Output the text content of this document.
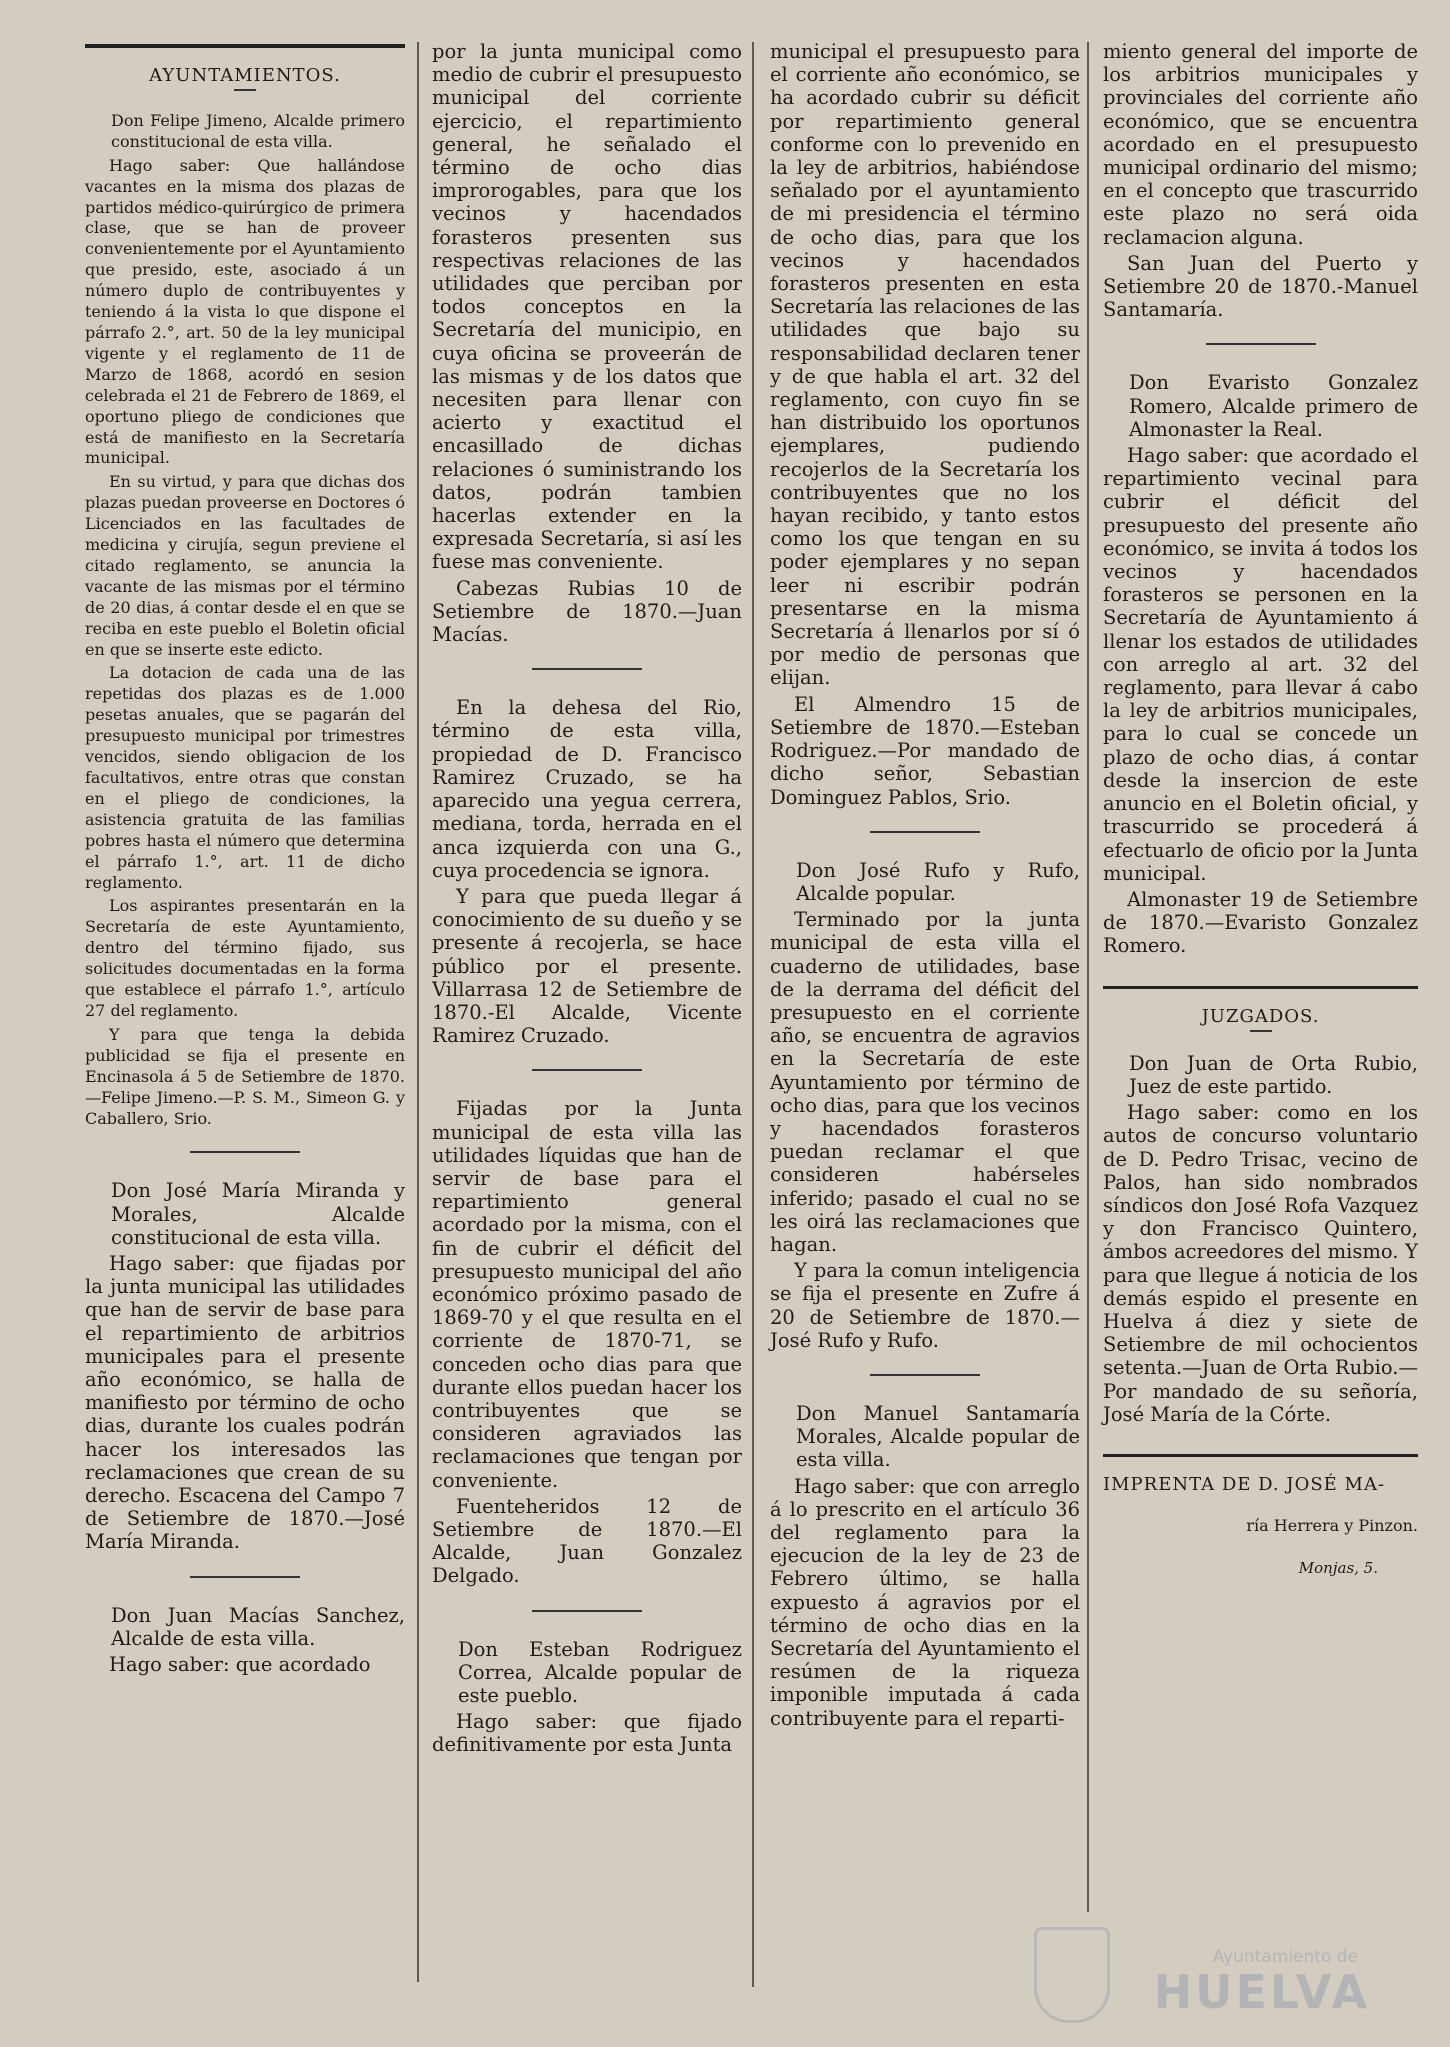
AYUNTAMIENTOS.

Don Felipe Jimeno, Alcalde primero constitucional de esta villa.

Hago saber: Que hallándose vacantes en la misma dos plazas de partidos médico-quirúrgico de primera clase, que se han de proveer convenientemente por el Ayuntamiento que presido, este, asociado á un número duplo de contribuyentes y teniendo á la vista lo que dispone el párrafo 2.°, art. 50 de la ley municipal vigente y el reglamento de 11 de Marzo de 1868, acordó en sesion celebrada el 21 de Febrero de 1869, el oportuno pliego de condiciones que está de manifiesto en la Secretaría municipal.

En su virtud, y para que dichas dos plazas puedan proveerse en Doctores ó Licenciados en las facultades de medicina y cirujía, segun previene el citado reglamento, se anuncia la vacante de las mismas por el término de 20 dias, á contar desde el en que se reciba en este pueblo el Boletin oficial en que se inserte este edicto.

La dotacion de cada una de las repetidas dos plazas es de 1.000 pesetas anuales, que se pagarán del presupuesto municipal por trimestres vencidos, siendo obligacion de los facultativos, entre otras que constan en el pliego de condiciones, la asistencia gratuita de las familias pobres hasta el número que determina el párrafo 1.°, art. 11 de dicho reglamento.

Los aspirantes presentarán en la Secretaría de este Ayuntamiento, dentro del término fijado, sus solicitudes documentadas en la forma que establece el párrafo 1.°, artículo 27 del reglamento.

Y para que tenga la debida publicidad se fija el presente en Encinasola á 5 de Setiembre de 1870. —Felipe Jimeno.—P. S. M., Simeon G. y Caballero, Srio.

Don José María Miranda y Morales, Alcalde constitucional de esta villa.

Hago saber: que fijadas por la junta municipal las utilidades que han de servir de base para el repartimiento de arbitrios municipales para el presente año económico, se halla de manifiesto por término de ocho dias, durante los cuales podrán hacer los interesados las reclamaciones que crean de su derecho. Escacena del Campo 7 de Setiembre de 1870.—José María Miranda.

Don Juan Macías Sanchez, Alcalde de esta villa.

Hago saber: que acordado

por la junta municipal como medio de cubrir el presupuesto municipal del corriente ejercicio, el repartimiento general, he señalado el término de ocho dias improrogables, para que los vecinos y hacendados forasteros presenten sus respectivas relaciones de las utilidades que perciban por todos conceptos en la Secretaría del municipio, en cuya oficina se proveerán de las mismas y de los datos que necesiten para llenar con acierto y exactitud el encasillado de dichas relaciones ó suministrando los datos, podrán tambien hacerlas extender en la expresada Secretaría, si así les fuese mas conveniente.

Cabezas Rubias 10 de Setiembre de 1870.—Juan Macías.

En la dehesa del Rio, término de esta villa, propiedad de D. Francisco Ramirez Cruzado, se ha aparecido una yegua cerrera, mediana, torda, herrada en el anca izquierda con una G., cuya procedencia se ignora.

Y para que pueda llegar á conocimiento de su dueño y se presente á recojerla, se hace público por el presente. Villarrasa 12 de Setiembre de 1870.-El Alcalde, Vicente Ramirez Cruzado.

Fijadas por la Junta municipal de esta villa las utilidades líquidas que han de servir de base para el repartimiento general acordado por la misma, con el fin de cubrir el déficit del presupuesto municipal del año económico próximo pasado de 1869-70 y el que resulta en el corriente de 1870-71, se conceden ocho dias para que durante ellos puedan hacer los contribuyentes que se consideren agraviados las reclamaciones que tengan por conveniente.

Fuenteheridos 12 de Setiembre de 1870.—El Alcalde, Juan Gonzalez Delgado.

Don Esteban Rodriguez Correa, Alcalde popular de este pueblo.

Hago saber: que fijado definitivamente por esta Junta

municipal el presupuesto para el corriente año económico, se ha acordado cubrir su déficit por repartimiento general conforme con lo prevenido en la ley de arbitrios, habiéndose señalado por el ayuntamiento de mi presidencia el término de ocho dias, para que los vecinos y hacendados forasteros presenten en esta Secretaría las relaciones de las utilidades que bajo su responsabilidad declaren tener y de que habla el art. 32 del reglamento, con cuyo fin se han distribuido los oportunos ejemplares, pudiendo recojerlos de la Secretaría los contribuyentes que no los hayan recibido, y tanto estos como los que tengan en su poder ejemplares y no sepan leer ni escribir podrán presentarse en la misma Secretaría á llenarlos por sí ó por medio de personas que elijan.

El Almendro 15 de Setiembre de 1870.—Esteban Rodriguez.—Por mandado de dicho señor, Sebastian Dominguez Pablos, Srio.

Don José Rufo y Rufo, Alcalde popular.

Terminado por la junta municipal de esta villa el cuaderno de utilidades, base de la derrama del déficit del presupuesto en el corriente año, se encuentra de agravios en la Secretaría de este Ayuntamiento por término de ocho dias, para que los vecinos y hacendados forasteros puedan reclamar el que consideren habérseles inferido; pasado el cual no se les oirá las reclamaciones que hagan.

Y para la comun inteligencia se fija el presente en Zufre á 20 de Setiembre de 1870.—José Rufo y Rufo.

Don Manuel Santamaría Morales, Alcalde popular de esta villa.

Hago saber: que con arreglo á lo prescrito en el artículo 36 del reglamento para la ejecucion de la ley de 23 de Febrero último, se halla expuesto á agravios por el término de ocho dias en la Secretaría del Ayuntamiento el resúmen de la riqueza imponible imputada á cada contribuyente para el reparti-

miento general del importe de los arbitrios municipales y provinciales del corriente año económico, que se encuentra acordado en el presupuesto municipal ordinario del mismo; en el concepto que trascurrido este plazo no será oida reclamacion alguna.

San Juan del Puerto y Setiembre 20 de 1870.-Manuel Santamaría.

Don Evaristo Gonzalez Romero, Alcalde primero de Almonaster la Real.

Hago saber: que acordado el repartimiento vecinal para cubrir el déficit del presupuesto del presente año económico, se invita á todos los vecinos y hacendados forasteros se personen en la Secretaría de Ayuntamiento á llenar los estados de utilidades con arreglo al art. 32 del reglamento, para llevar á cabo la ley de arbitrios municipales, para lo cual se concede un plazo de ocho dias, á contar desde la insercion de este anuncio en el Boletin oficial, y trascurrido se procederá á efectuarlo de oficio por la Junta municipal.

Almonaster 19 de Setiembre de 1870.—Evaristo Gonzalez Romero.

JUZGADOS.

Don Juan de Orta Rubio, Juez de este partido.

Hago saber: como en los autos de concurso voluntario de D. Pedro Trisac, vecino de Palos, han sido nombrados síndicos don José Rofa Vazquez y don Francisco Quintero, ámbos acreedores del mismo. Y para que llegue á noticia de los demás espido el presente en Huelva á diez y siete de Setiembre de mil ochocientos setenta.—Juan de Orta Rubio.—Por mandado de su señoría, José María de la Córte.

IMPRENTA DE D. JOSÉ MA-
ría Herrera y Pinzon.
Monjas, 5.
Ayuntamiento de
HUELVA
